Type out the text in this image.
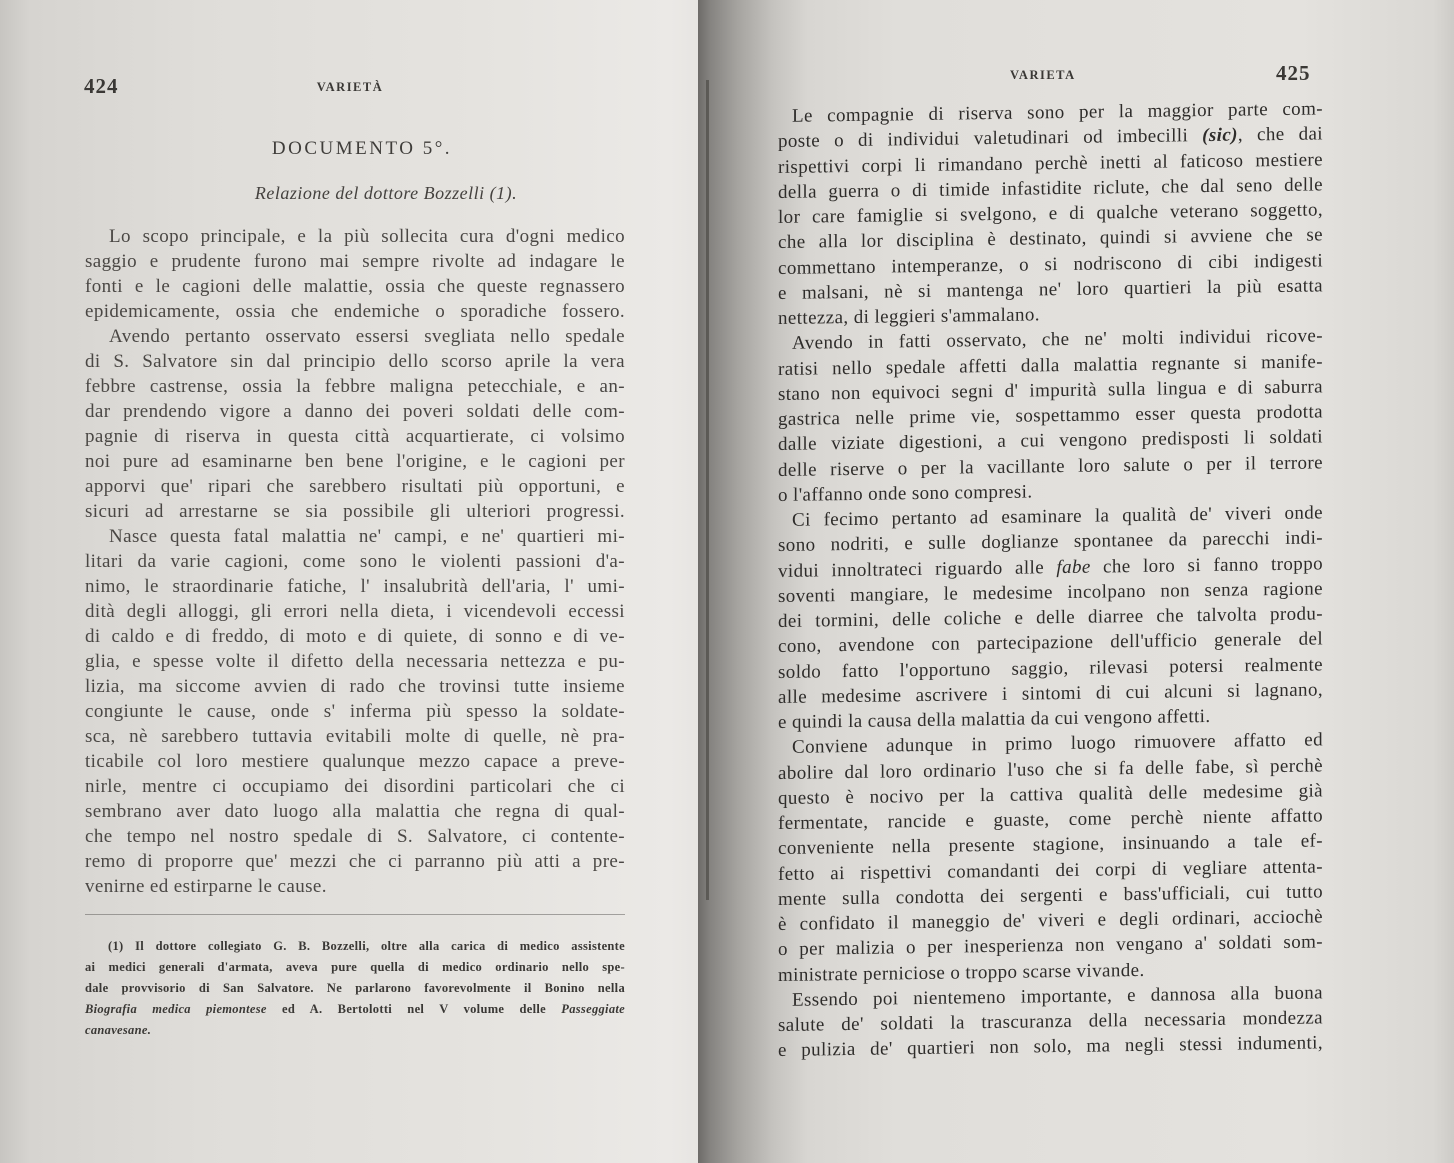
424	VARIETÀ
DOCUMENTO 5°.
Relazione del dottore Bozzelli (1).
Lo scopo principale, e la più sollecita cura d'ogni medico
saggio e prudente furono mai sempre rivolte ad indagare le
fonti e le cagioni delle malattie, ossia che queste regnassero
epidemicamente, ossia che endemiche o sporadiche fossero.
Avendo pertanto osservato essersi svegliata nello spedale
di S. Salvatore sin dal principio dello scorso aprile la vera
febbre castrense, ossia la febbre maligna petecchiale, e an-
dar prendendo vigore a danno dei poveri soldati delle com-
pagnie di riserva in questa città acquartierate, ci volsimo
noi pure ad esaminarne ben bene l'origine, e le cagioni per
apporvi que' ripari che sarebbero risultati più opportuni, e
sicuri ad arrestarne se sia possibile gli ulteriori progressi.
Nasce questa fatal malattia ne' campi, e ne' quartieri mi-
litari da varie cagioni, come sono le violenti passioni d'a-
nimo, le straordinarie fatiche, l' insalubrità dell'aria, l' umi-
dità degli alloggi, gli errori nella dieta, i vicendevoli eccessi
di caldo e di freddo, di moto e di quiete, di sonno e di ve-
glia, e spesse volte il difetto della necessaria nettezza e pu-
lizia, ma siccome avvien di rado che trovinsi tutte insieme
congiunte le cause, onde s' inferma più spesso la soldate-
sca, nè sarebbero tuttavia evitabili molte di quelle, nè pra-
ticabile col loro mestiere qualunque mezzo capace a preve-
nirle, mentre ci occupiamo dei disordini particolari che ci
sembrano aver dato luogo alla malattia che regna di qual-
che tempo nel nostro spedale di S. Salvatore, ci contente-
remo di proporre que' mezzi che ci parranno più atti a pre-
venirne ed estirparne le cause.
(1) Il dottore collegiato G. B. Bozzelli, oltre alla carica di medico assistente
ai medici generali d'armata, aveva pure quella di medico ordinario nello spe-
dale provvisorio di San Salvatore. Ne parlarono favorevolmente il Bonino nella
Biografia medica piemontese ed A. Bertolotti nel V volume delle Passeggiate
canavesane.
VARIETA	425
Le compagnie di riserva sono per la maggior parte com-
poste o di individui valetudinari od imbecilli (sic), che dai
rispettivi corpi li rimandano perchè inetti al faticoso mestiere
della guerra o di timide infastidite riclute, che dal seno delle
lor care famiglie si svelgono, e di qualche veterano soggetto,
che alla lor disciplina è destinato, quindi si avviene che se
commettano intemperanze, o si nodriscono di cibi indigesti
e malsani, nè si mantenga ne' loro quartieri la più esatta
nettezza, di leggieri s'ammalano.
Avendo in fatti osservato, che ne' molti individui ricove-
ratisi nello spedale affetti dalla malattia regnante si manife-
stano non equivoci segni d' impurità sulla lingua e di saburra
gastrica nelle prime vie, sospettammo esser questa prodotta
dalle viziate digestioni, a cui vengono predisposti li soldati
delle riserve o per la vacillante loro salute o per il terrore
o l'affanno onde sono compresi.
Ci fecimo pertanto ad esaminare la qualità de' viveri onde
sono nodriti, e sulle doglianze spontanee da parecchi indi-
vidui innoltrateci riguardo alle fabe che loro si fanno troppo
soventi mangiare, le medesime incolpano non senza ragione
dei tormini, delle coliche e delle diarree che talvolta produ-
cono, avendone con partecipazione dell'ufficio generale del
soldo fatto l'opportuno saggio, rilevasi potersi realmente
alle medesime ascrivere i sintomi di cui alcuni si lagnano,
e quindi la causa della malattia da cui vengono affetti.
Conviene adunque in primo luogo rimuovere affatto ed
abolire dal loro ordinario l'uso che si fa delle fabe, sì perchè
questo è nocivo per la cattiva qualità delle medesime già
fermentate, rancide e guaste, come perchè niente affatto
conveniente nella presente stagione, insinuando a tale ef-
fetto ai rispettivi comandanti dei corpi di vegliare attenta-
mente sulla condotta dei sergenti e bass'ufficiali, cui tutto
è confidato il maneggio de' viveri e degli ordinari, acciochè
o per malizia o per inesperienza non vengano a' soldati som-
ministrate perniciose o troppo scarse vivande.
Essendo poi nientemeno importante, e dannosa alla buona
salute de' soldati la trascuranza della necessaria mondezza
e pulizia de' quartieri non solo, ma negli stessi indumenti,
